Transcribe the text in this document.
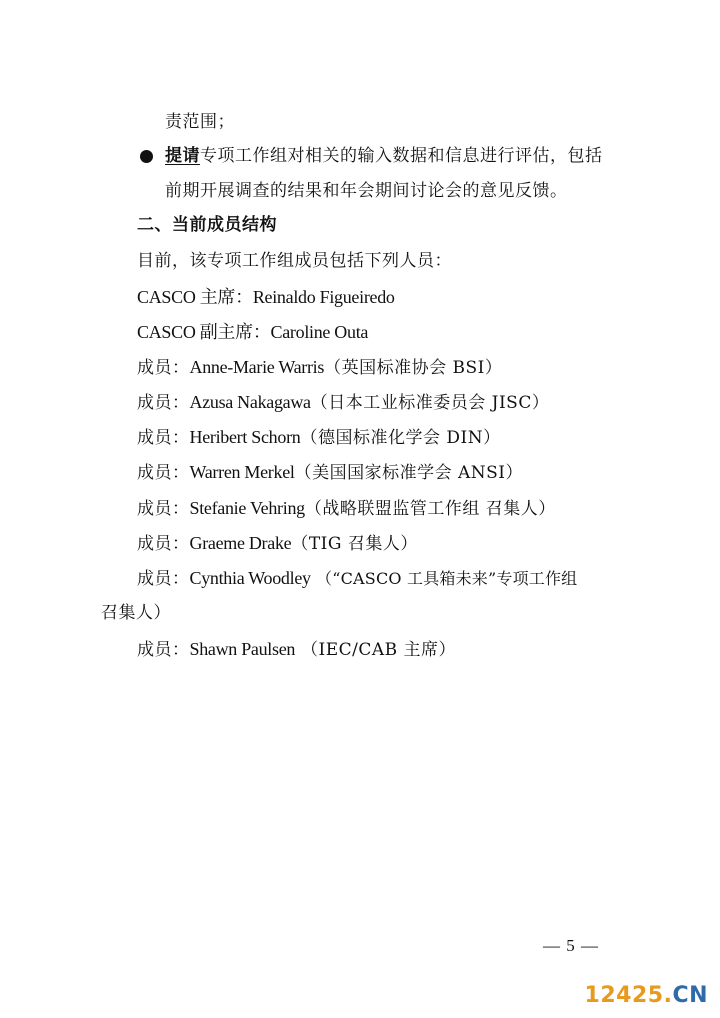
责范围；
提请专项工作组对相关的输入数据和信息进行评估，包括
前期开展调查的结果和年会期间讨论会的意见反馈。
二、当前成员结构
目前，该专项工作组成员包括下列人员：
CASCO 主席：Reinaldo Figueiredo
CASCO 副主席：Caroline Outa
成员：Anne-Marie Warris（英国标准协会 BSI）
成员：Azusa Nakagawa（日本工业标准委员会 JISC）
成员：Heribert Schorn（德国标准化学会 DIN）
成员：Warren Merkel（美国国家标准学会 ANSI）
成员：Stefanie Vehring（战略联盟监管工作组 召集人）
成员：Graeme Drake（TIG 召集人）
成员：Cynthia Woodley （“CASCO 工具箱未来”专项工作组
召集人）
成员：Shawn Paulsen （IEC/CAB 主席）
— 5 —
12425.CN
